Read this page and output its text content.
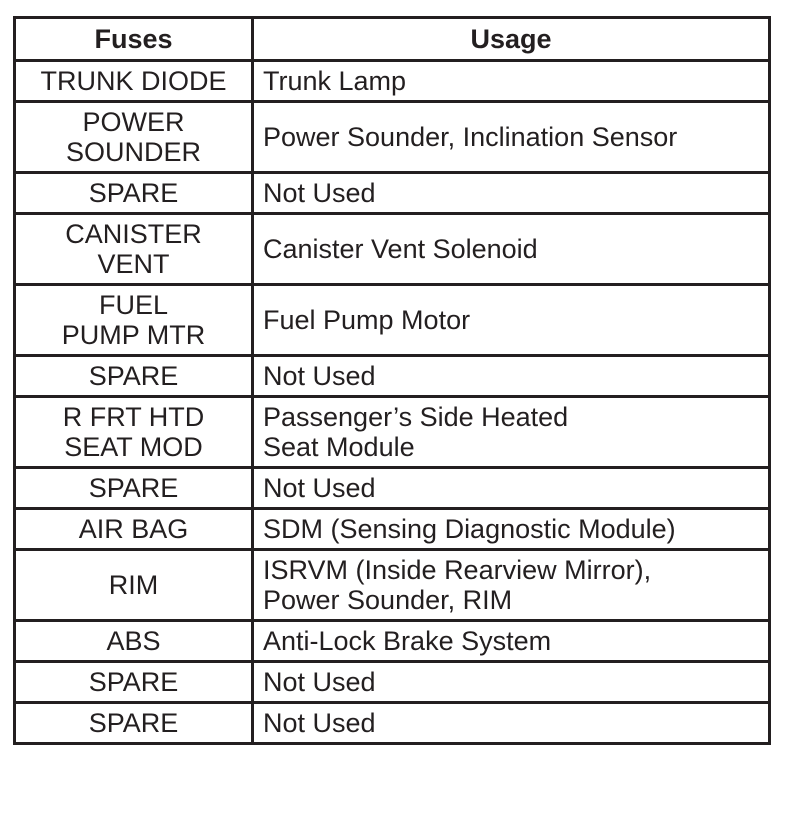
Fuses	Usage
TRUNK DIODE	Trunk Lamp
POWER
SOUNDER	Power Sounder, Inclination Sensor
SPARE	Not Used
CANISTER
VENT	Canister Vent Solenoid
FUEL
PUMP MTR	Fuel Pump Motor
SPARE	Not Used
R FRT HTD
SEAT MOD	Passenger’s Side Heated
Seat Module
SPARE	Not Used
AIR BAG	SDM (Sensing Diagnostic Module)
RIM	ISRVM (Inside Rearview Mirror),
Power Sounder, RIM
ABS	Anti-Lock Brake System
SPARE	Not Used
SPARE	Not Used
